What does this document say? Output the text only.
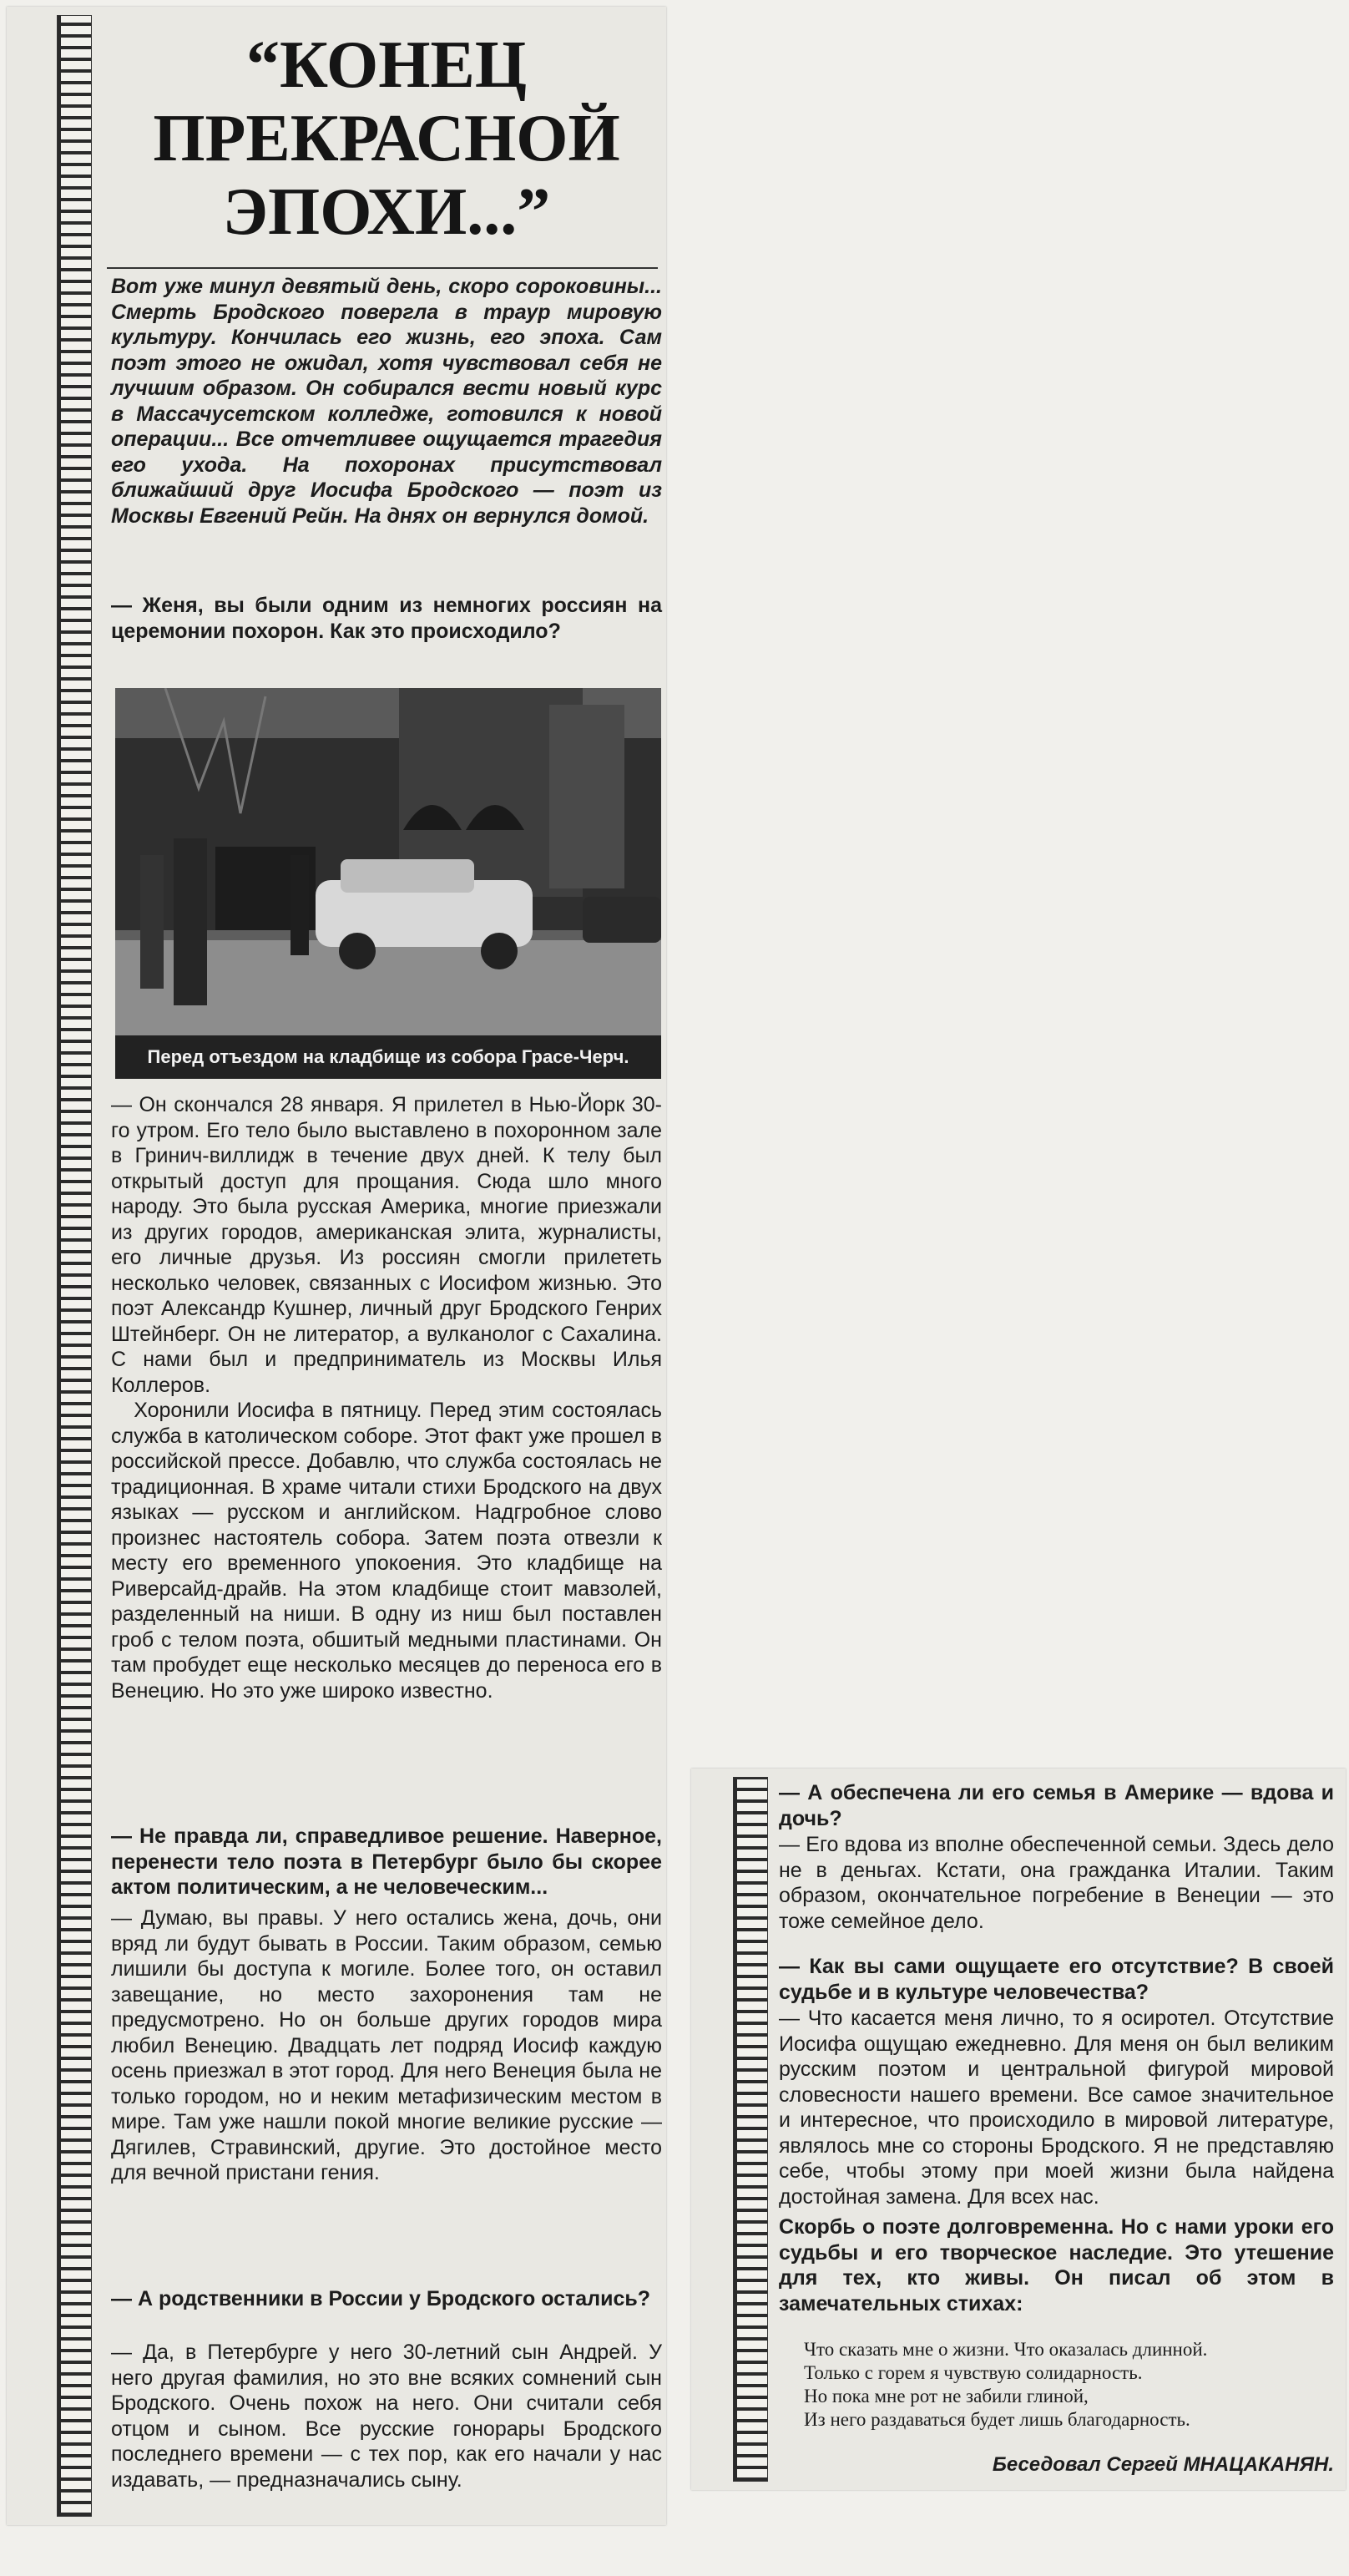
“КОНЕЦ ПРЕКРАСНОЙ ЭПОХИ...”

Вот уже минул девятый день, скоро сороковины... Смерть Бродского повергла в траур мировую культуру. Кончилась его жизнь, его эпоха. Сам поэт этого не ожидал, хотя чувствовал себя не лучшим образом. Он собирался вести новый курс в Массачусетском колледже, готовился к новой операции... Все отчетливее ощущается трагедия его ухода. На похоронах присутствовал ближайший друг Иосифа Бродского — поэт из Москвы Евгений Рейн. На днях он вернулся домой.

— Женя, вы были одним из немногих россиян на церемонии похорон. Как это происходило?

Перед отъездом на кладбище из собора Грасе-Черч.

— Он скончался 28 января. Я прилетел в Нью-Йорк 30-го утром. Его тело было выставлено в похоронном зале в Гринич-виллидж в течение двух дней. К телу был открытый доступ для прощания. Сюда шло много народу. Это была русская Америка, многие приезжали из других городов, американская элита, журналисты, его личные друзья. Из россиян смогли прилететь несколько человек, связанных с Иосифом жизнью. Это поэт Александр Кушнер, личный друг Бродского Генрих Штейнберг. Он не литератор, а вулканолог с Сахалина. С нами был и предприниматель из Москвы Илья Коллеров.
Хоронили Иосифа в пятницу. Перед этим состоялась служба в католическом соборе. Этот факт уже прошел в российской прессе. Добавлю, что служба состоялась не традиционная. В храме читали стихи Бродского на двух языках — русском и английском. Надгробное слово произнес настоятель собора. Затем поэта отвезли к месту его временного упокоения. Это кладбище на Риверсайд-драйв. На этом кладбище стоит мавзолей, разделенный на ниши. В одну из ниш был поставлен гроб с телом поэта, обшитый медными пластинами. Он там пробудет еще несколько месяцев до переноса его в Венецию. Но это уже широко известно.

— Не правда ли, справедливое решение. Наверное, перенести тело поэта в Петербург было бы скорее актом политическим, а не человеческим...

— Думаю, вы правы. У него остались жена, дочь, они вряд ли будут бывать в России. Таким образом, семью лишили бы доступа к могиле. Более того, он оставил завещание, но место захоронения там не предусмотрено. Но он больше других городов мира любил Венецию. Двадцать лет подряд Иосиф каждую осень приезжал в этот город. Для него Венеция была не только городом, но и неким метафизическим местом в мире. Там уже нашли покой многие великие русские — Дягилев, Стравинский, другие. Это достойное место для вечной пристани гения.

— А родственники в России у Бродского остались?

— Да, в Петербурге у него 30-летний сын Андрей. У него другая фамилия, но это вне всяких сомнений сын Бродского. Очень похож на него. Они считали себя отцом и сыном. Все русские гонорары Бродского последнего времени — с тех пор, как его начали у нас издавать, — предназначались сыну.

— А обеспечена ли его семья в Америке — вдова и дочь?

— Его вдова из вполне обеспеченной семьи. Здесь дело не в деньгах. Кстати, она гражданка Италии. Таким образом, окончательное погребение в Венеции — это тоже семейное дело.

— Как вы сами ощущаете его отсутствие? В своей судьбе и в культуре человечества?

— Что касается меня лично, то я осиротел. Отсутствие Иосифа ощущаю ежедневно. Для меня он был великим русским поэтом и центральной фигурой мировой словесности нашего времени. Все самое значительное и интересное, что происходило в мировой литературе, являлось мне со стороны Бродского. Я не представляю себе, чтобы этому при моей жизни была найдена достойная замена. Для всех нас.

Скорбь о поэте долговременна. Но с нами уроки его судьбы и его творческое наследие. Это утешение для тех, кто живы. Он писал об этом в замечательных стихах:

Что сказать мне о жизни. Что оказалась длинной.
Только с горем я чувствую солидарность.
Но пока мне рот не забили глиной,
Из него раздаваться будет лишь благодарность.

Беседовал Сергей МНАЦАКАНЯН.
